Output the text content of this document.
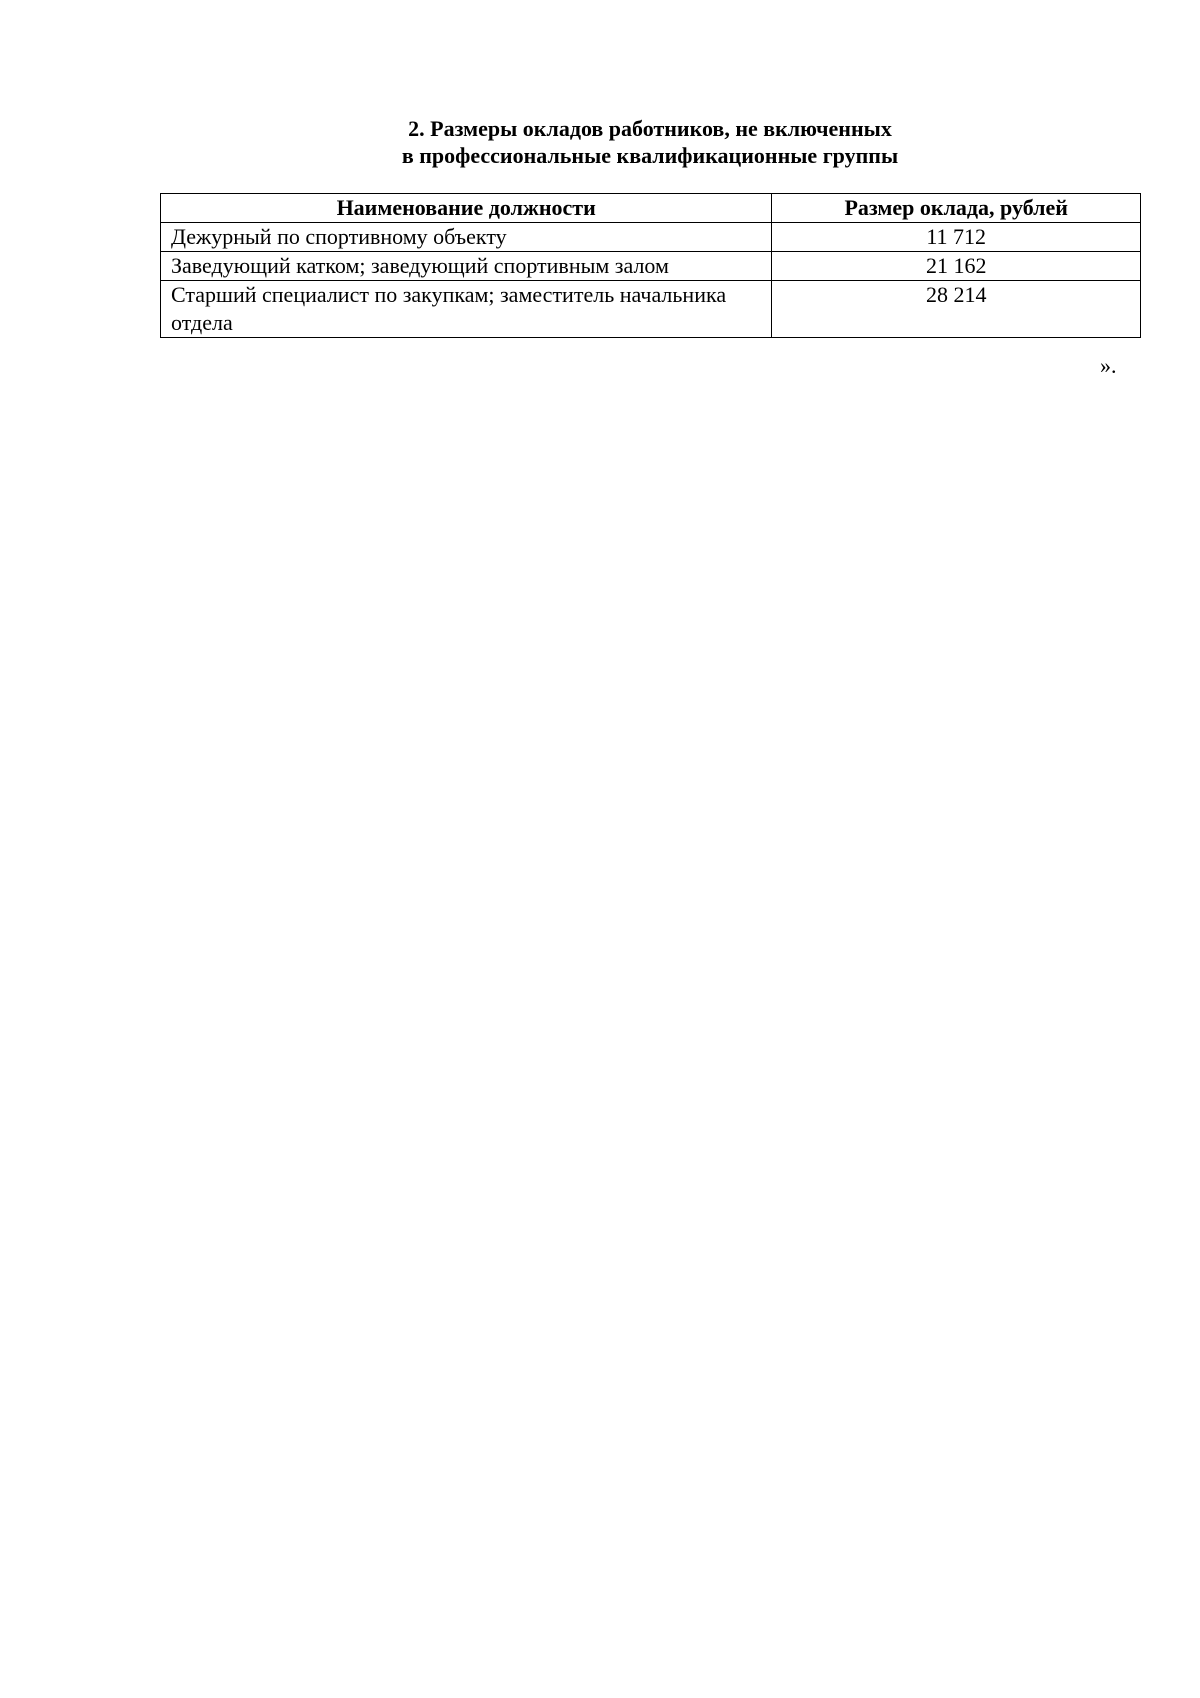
2. Размеры окладов работников, не включенных
в профессиональные квалификационные группы
Наименование должности	Размер оклада, рублей
Дежурный по спортивному объекту	11 712
Заведующий катком; заведующий спортивным залом	21 162
Старший специалист по закупкам; заместитель начальника отдела	28 214
».
